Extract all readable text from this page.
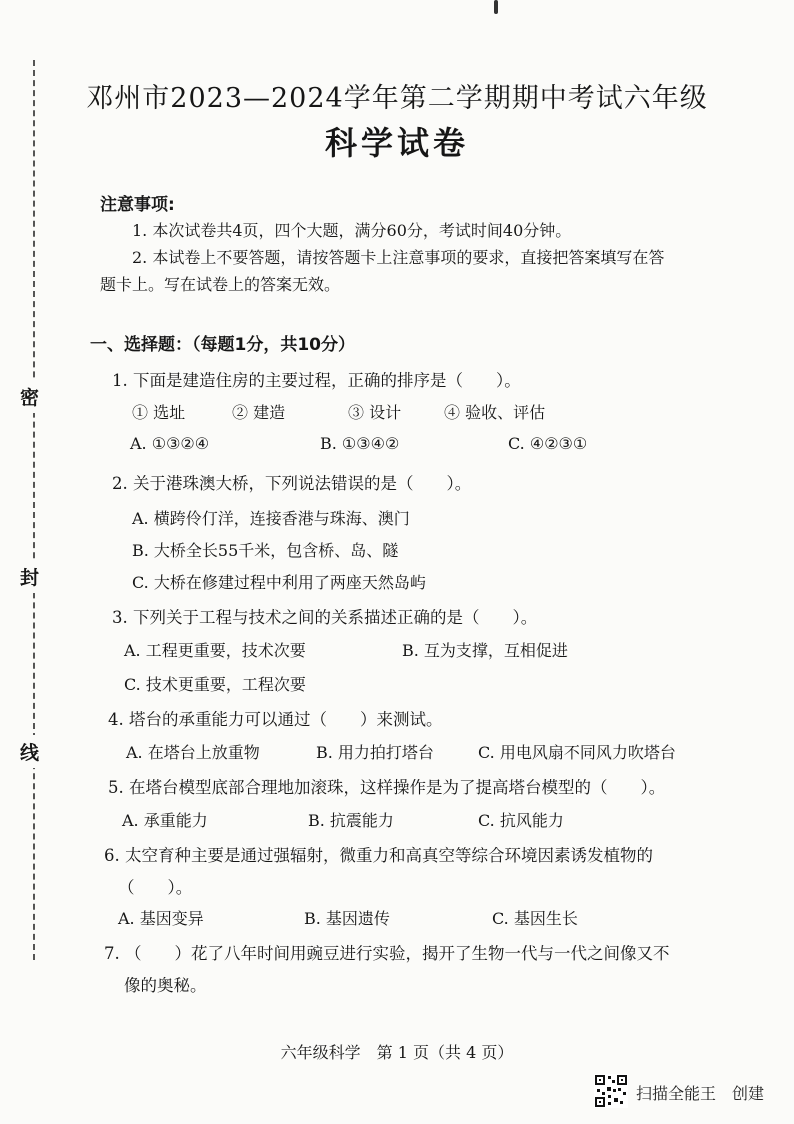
密
封
线
邓州市2023—2024学年第二学期期中考试六年级
科学试卷
注意事项:
1. 本次试卷共4页，四个大题，满分60分，考试时间40分钟。
2. 本试卷上不要答题，请按答题卡上注意事项的要求，直接把答案填写在答
题卡上。写在试卷上的答案无效。
一、选择题：（每题1分，共10分）
1. 下面是建造住房的主要过程，正确的排序是（　　）。
① 选址	② 建造	③ 设计	④ 验收、评估
A. ①③②④	B. ①③④②	C. ④②③①
2. 关于港珠澳大桥，下列说法错误的是（　　）。
A. 横跨伶仃洋，连接香港与珠海、澳门
B. 大桥全长55千米，包含桥、岛、隧
C. 大桥在修建过程中利用了两座天然岛屿
3. 下列关于工程与技术之间的关系描述正确的是（　　）。
A. 工程更重要，技术次要	B. 互为支撑，互相促进
C. 技术更重要，工程次要
4. 塔台的承重能力可以通过（　　）来测试。
A. 在塔台上放重物	B. 用力拍打塔台	C. 用电风扇不同风力吹塔台
5. 在塔台模型底部合理地加滚珠，这样操作是为了提高塔台模型的（　　）。
A. 承重能力	B. 抗震能力	C. 抗风能力
6. 太空育种主要是通过强辐射，微重力和高真空等综合环境因素诱发植物的
（　　）。
A. 基因变异	B. 基因遗传	C. 基因生长
7. （　　）花了八年时间用豌豆进行实验，揭开了生物一代与一代之间像又不
像的奥秘。
六年级科学　第 1 页（共 4 页）
扫描全能王　创建
